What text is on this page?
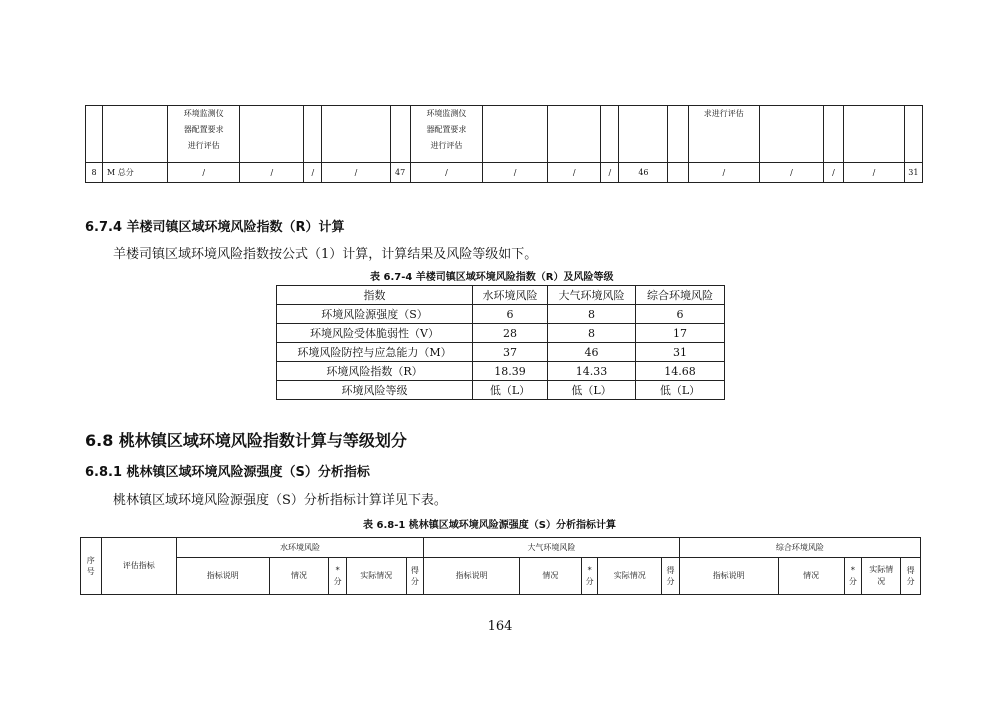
		环境监测仪器配置要求进行评估					环境监测仪器配置要求进行评估						求进行评估				
8	M 总分	/	/	/	/	47	/	/	/	/	46		/	/	/	/	31
6.7.4 羊楼司镇区域环境风险指数（R）计算
羊楼司镇区域环境风险指数按公式（1）计算，计算结果及风险等级如下。
表 6.7-4 羊楼司镇区域环境风险指数（R）及风险等级
指数	水环境风险	大气环境风险	综合环境风险
环境风险源强度（S）	6	8	6
环境风险受体脆弱性（V）	28	8	17
环境风险防控与应急能力（M）	37	46	31
环境风险指数（R）	18.39	14.33	14.68
环境风险等级	低（L）	低（L）	低（L）
6.8 桃林镇区域环境风险指数计算与等级划分
6.8.1 桃林镇区域环境风险源强度（S）分析指标
桃林镇区域环境风险源强度（S）分析指标计算详见下表。
表 6.8-1 桃林镇区域环境风险源强度（S）分析指标计算
序号	评估指标	水环境风险					大气环境风险					综合环境风险				
		指标说明	情况	*分	实际情况	得分	指标说明	情况	*分	实际情况	得分	指标说明	情况	*分	实际情况	得分
164
